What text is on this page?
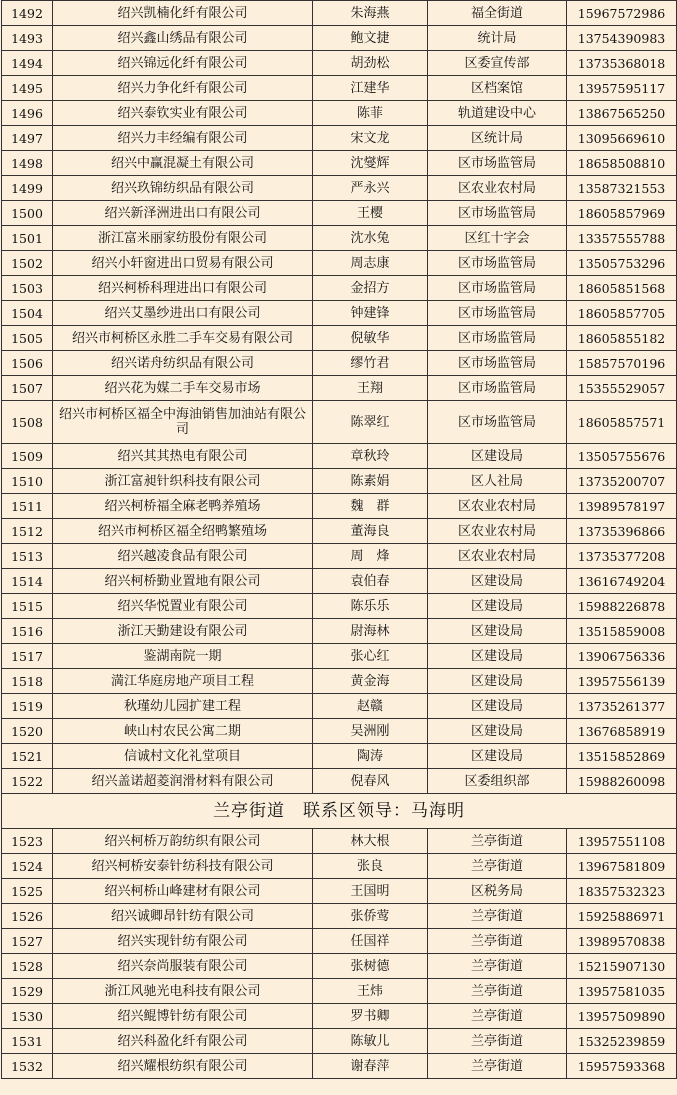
1492	绍兴凯楠化纤有限公司	朱海燕	福全街道	15967572986
1493	绍兴鑫山绣品有限公司	鲍文捷	统计局	13754390983
1494	绍兴锦远化纤有限公司	胡劲松	区委宣传部	13735368018
1495	绍兴力争化纤有限公司	江建华	区档案馆	13957595117
1496	绍兴泰钦实业有限公司	陈菲	轨道建设中心	13867565250
1497	绍兴力丰经编有限公司	宋文龙	区统计局	13095669610
1498	绍兴中赢混凝土有限公司	沈燮辉	区市场监管局	18658508810
1499	绍兴玖锦纺织品有限公司	严永兴	区农业农村局	13587321553
1500	绍兴新泽洲进出口有限公司	王樱	区市场监管局	18605857969
1501	浙江富米丽家纺股份有限公司	沈水兔	区红十字会	13357555788
1502	绍兴小轩窗进出口贸易有限公司	周志康	区市场监管局	13505753296
1503	绍兴柯桥科理进出口有限公司	金招方	区市场监管局	18605851568
1504	绍兴艾墨纱进出口有限公司	钟建锋	区市场监管局	18605857705
1505	绍兴市柯桥区永胜二手车交易有限公司	倪敏华	区市场监管局	18605855182
1506	绍兴诺舟纺织品有限公司	缪竹君	区市场监管局	15857570196
1507	绍兴花为媒二手车交易市场	王翔	区市场监管局	15355529057
1508	绍兴市柯桥区福全中海油销售加油站有限公司	陈翠红	区市场监管局	18605857571
1509	绍兴其其热电有限公司	章秋玲	区建设局	13505755676
1510	浙江富昶针织科技有限公司	陈素娟	区人社局	13735200707
1511	绍兴柯桥福全麻老鸭养殖场	魏　群	区农业农村局	13989578197
1512	绍兴市柯桥区福全绍鸭繁殖场	董海良	区农业农村局	13735396866
1513	绍兴越凌食品有限公司	周　烽	区农业农村局	13735377208
1514	绍兴柯桥勤业置地有限公司	袁伯春	区建设局	13616749204
1515	绍兴华悦置业有限公司	陈乐乐	区建设局	15988226878
1516	浙江天勤建设有限公司	尉海林	区建设局	13515859008
1517	鉴湖南院一期	张心红	区建设局	13906756336
1518	満江华庭房地产项目工程	黄金海	区建设局	13957556139
1519	秋瑾幼儿园扩建工程	赵赣	区建设局	13735261377
1520	峡山村农民公寓二期	吴洲刚	区建设局	13676858919
1521	信诚村文化礼堂项目	陶涛	区建设局	13515852869
1522	绍兴盖诺超菱润滑材料有限公司	倪春风	区委组织部	15988260098
兰亭街道　联系区领导：马海明				
1523	绍兴柯桥万韵纺织有限公司	林大根	兰亭街道	13957551108
1524	绍兴柯桥安泰针纺科技有限公司	张良	兰亭街道	13967581809
1525	绍兴柯桥山峰建材有限公司	王国明	区税务局	18357532323
1526	绍兴诚卿昂针纺有限公司	张侨莺	兰亭街道	15925886971
1527	绍兴实现针纺有限公司	任国祥	兰亭街道	13989570838
1528	绍兴奈尚服装有限公司	张树德	兰亭街道	15215907130
1529	浙江风驰光电科技有限公司	王炜	兰亭街道	13957581035
1530	绍兴鲲博针纺有限公司	罗书卿	兰亭街道	13957509890
1531	绍兴科盈化纤有限公司	陈敏儿	兰亭街道	15325239859
1532	绍兴耀根纺织有限公司	谢春萍	兰亭街道	15957593368
